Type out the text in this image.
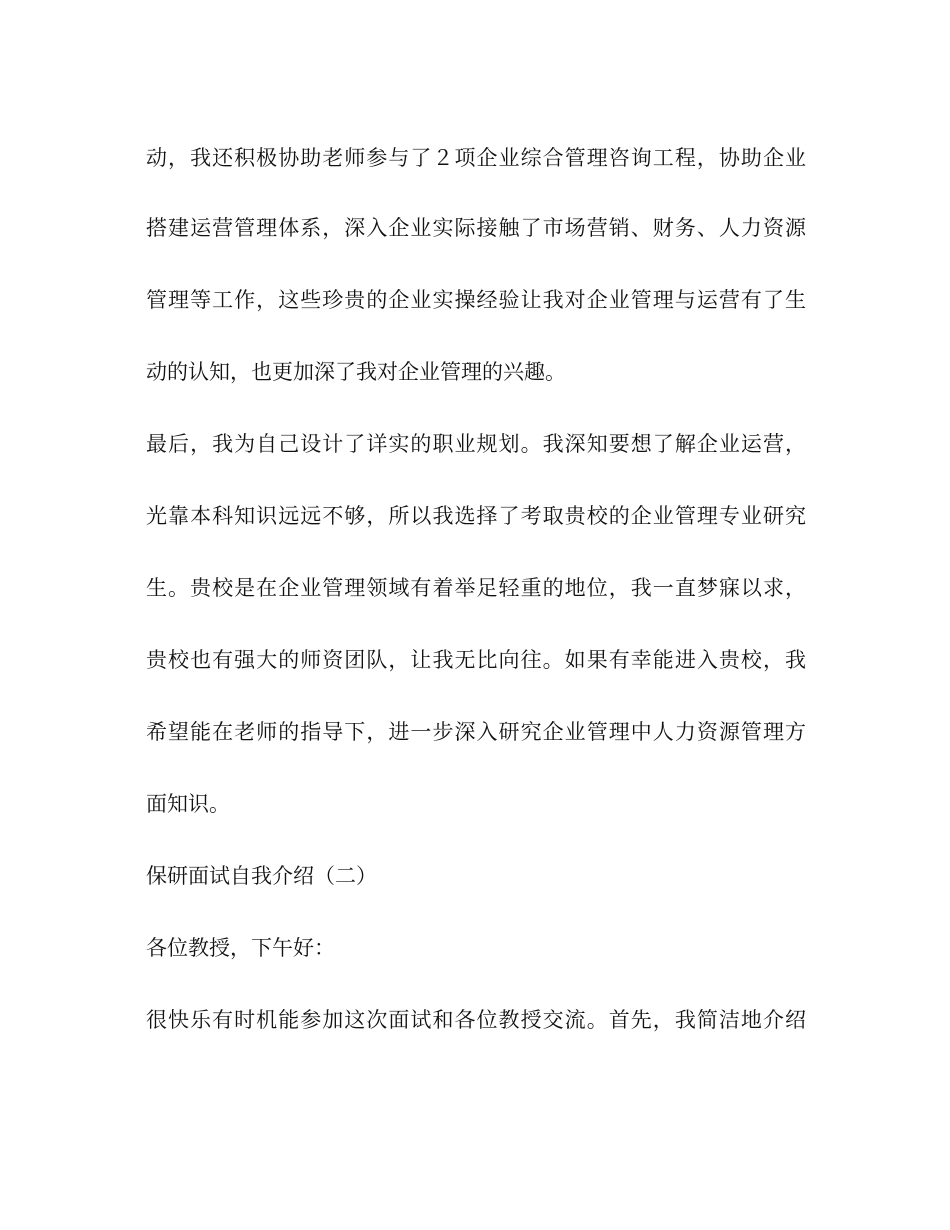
动，我还积极协助老师参与了２项企业综合管理咨询工程，协助企业
搭建运营管理体系，深入企业实际接触了市场营销、财务、人力资源
管理等工作，这些珍贵的企业实操经验让我对企业管理与运营有了生
动的认知，也更加深了我对企业管理的兴趣。
最后，我为自己设计了详实的职业规划。我深知要想了解企业运营，
光靠本科知识远远不够，所以我选择了考取贵校的企业管理专业研究
生。贵校是在企业管理领域有着举足轻重的地位，我一直梦寐以求，
贵校也有强大的师资团队，让我无比向往。如果有幸能进入贵校，我
希望能在老师的指导下，进一步深入研究企业管理中人力资源管理方
面知识。
保研面试自我介绍（二）
各位教授，下午好：
很快乐有时机能参加这次面试和各位教授交流。首先，我简洁地介绍
